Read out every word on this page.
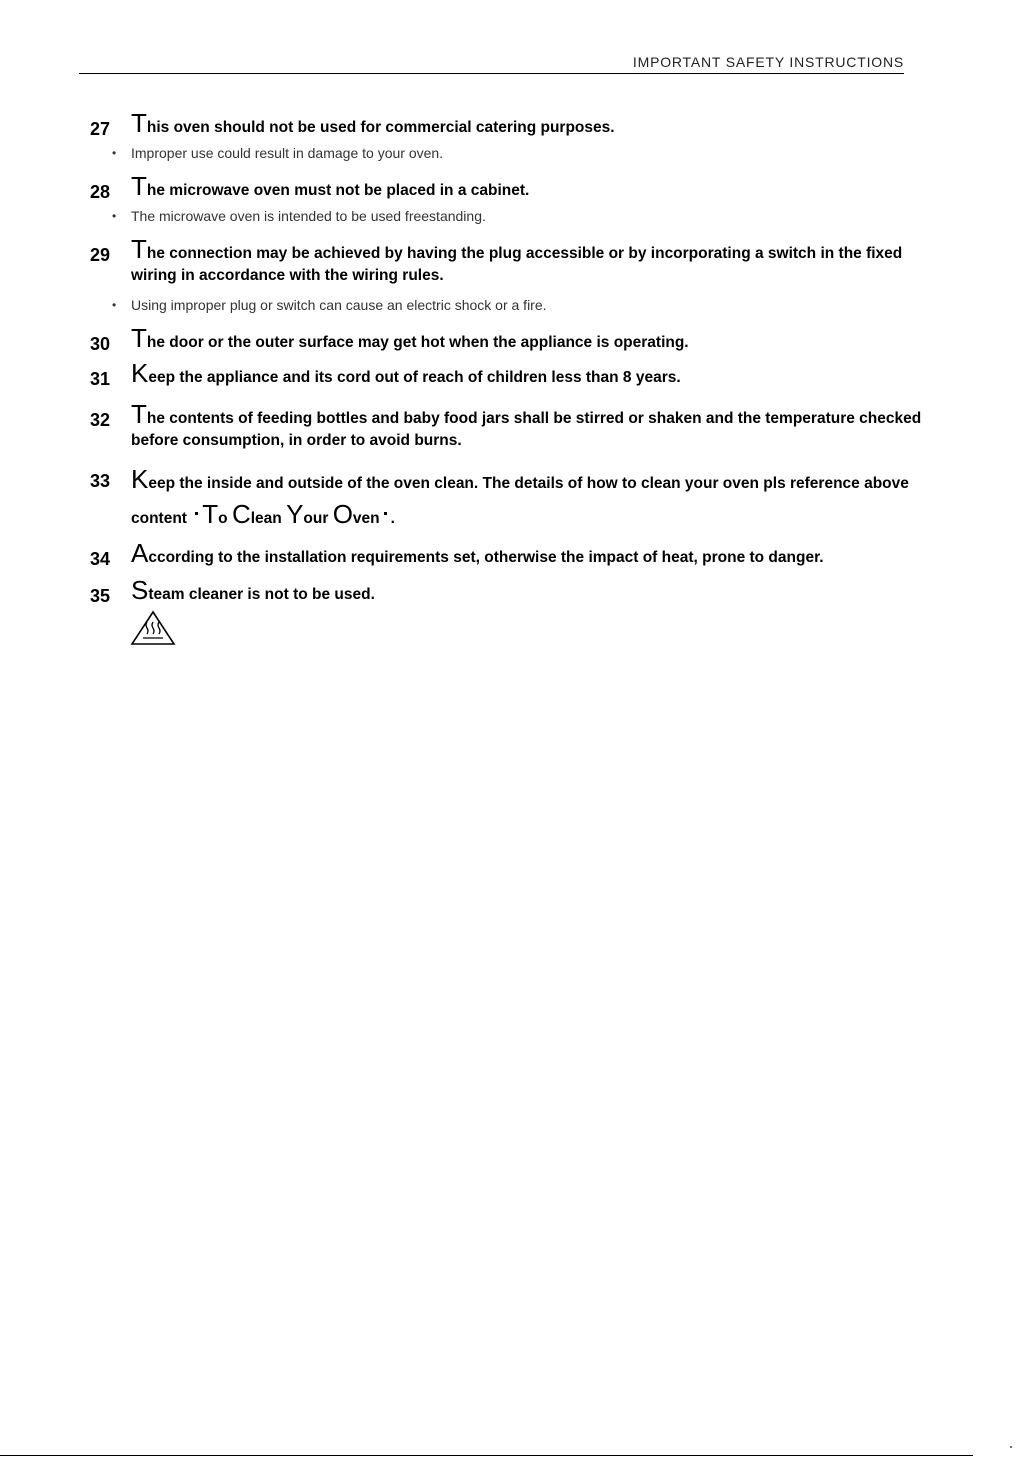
IMPORTANT SAFETY INSTRUCTIONS
27 This oven should not be used for commercial catering purposes.
• Improper use could result in damage to your oven.
28 The microwave oven must not be placed in a cabinet.
• The microwave oven is intended to be used freestanding.
29 The connection may be achieved by having the plug accessible or by incorporating a switch in the fixed wiring in accordance with the wiring rules.
• Using improper plug or switch can cause an electric shock or a fire.
30 The door or the outer surface may get hot when the appliance is operating.
31 Keep the appliance and its cord out of reach of children less than 8 years.
32 The contents of feeding bottles and baby food jars shall be stirred or shaken and the temperature checked before consumption, in order to avoid burns.
33 Keep the inside and outside of the oven clean. The details of how to clean your oven pls reference above content To Clean Your Oven .
34 According to the installation requirements set, otherwise the impact of heat, prone to danger.
35 Steam cleaner is not to be used.
